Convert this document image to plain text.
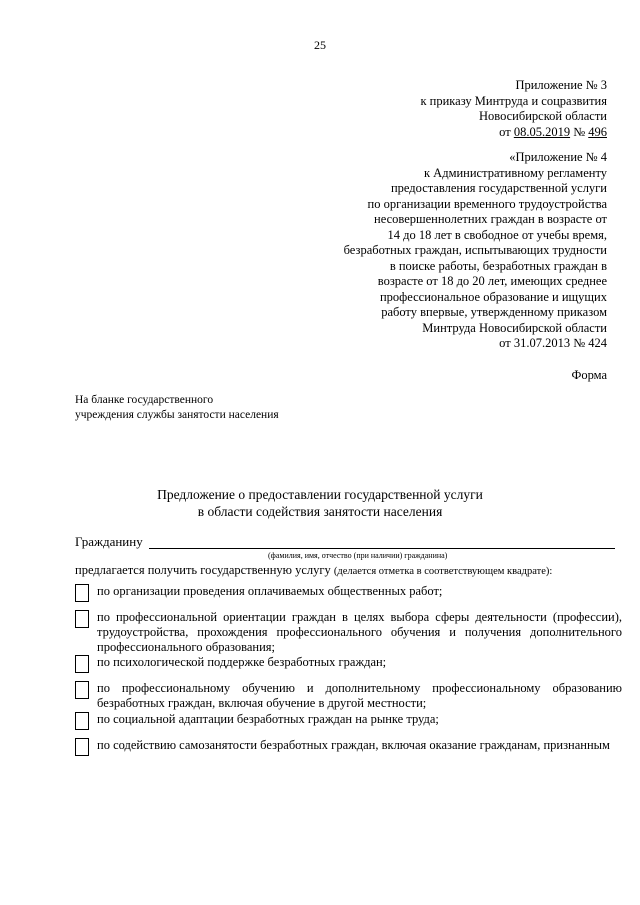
25
Приложение № 3
к приказу Минтруда и соцразвития
Новосибирской области
от 08.05.2019 № 496
«Приложение № 4
к Административному регламенту
предоставления государственной услуги
по организации временного трудоустройства
несовершеннолетних граждан в возрасте от
14 до 18 лет в свободное от учебы время,
безработных граждан, испытывающих трудности
в поиске работы, безработных граждан в
возрасте от 18 до 20 лет, имеющих среднее
профессиональное образование и ищущих
работу впервые, утвержденному приказом
Минтруда Новосибирской области
от 31.07.2013 № 424
Форма
На бланке государственного
учреждения службы занятости населения
Предложение о предоставлении государственной услуги
в области содействия занятости населения
Гражданину
(фамилия, имя, отчество (при наличии) гражданина)
предлагается получить государственную услугу (делается отметка в соответствующем квадрате):
по организации проведения оплачиваемых общественных работ;
по профессиональной ориентации граждан в целях выбора сферы деятельности (профессии), трудоустройства, прохождения профессионального обучения и получения дополнительного профессионального образования;
по психологической поддержке безработных граждан;
по профессиональному обучению и дополнительному профессиональному образованию безработных граждан, включая обучение в другой местности;
по социальной адаптации безработных граждан на рынке труда;
по содействию самозанятости безработных граждан, включая оказание гражданам, признанным
